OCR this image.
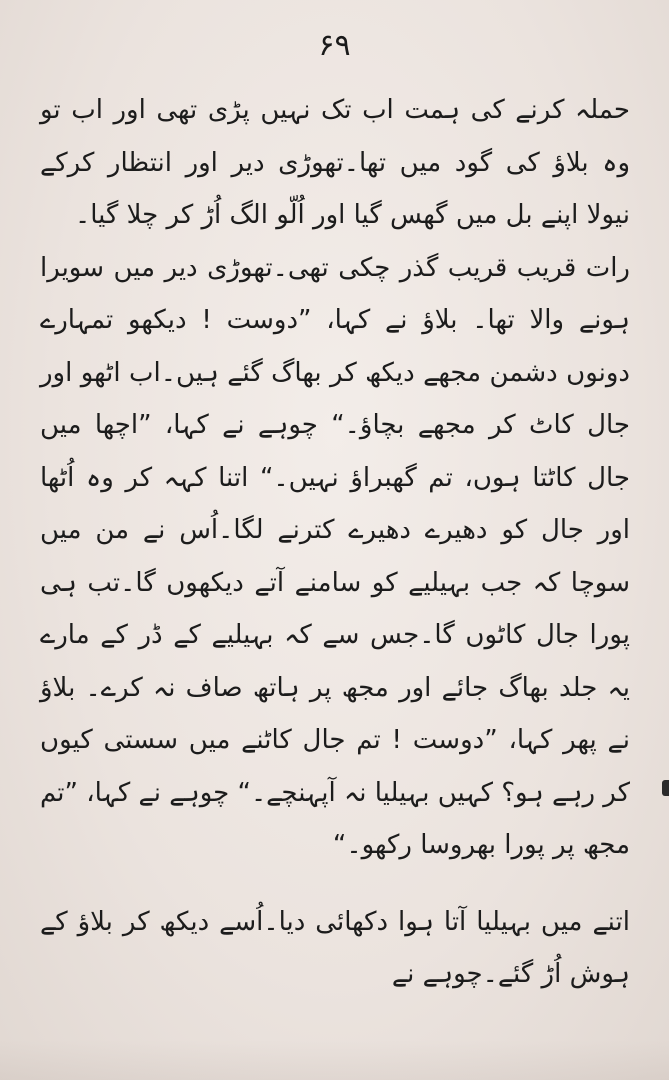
۶۹

حملہ کرنے کی ہمت اب تک نہیں پڑی تھی اور اب تو وہ بلاؤ کی گود میں تھا۔تھوڑی دیر اور انتظار کرکے نیولا اپنے بل میں گھس گیا اور اُلّو الگ اُڑ کر چلا گیا۔

رات قریب قریب گذر چکی تھی۔تھوڑی دیر میں سویرا ہونے والا تھا۔ بلاؤ نے کہا، ”دوست ! دیکھو تمہارے دونوں دشمن مجھے دیکھ کر بھاگ گئے ہیں۔اب اٹھو اور جال کاٹ کر مجھے بچاؤ۔“ چوہے نے کہا، ”اچھا میں جال کاٹتا ہوں، تم گھبراؤ نہیں۔“ اتنا کہہ کر وہ اُٹھا اور جال کو دھیرے دھیرے کترنے لگا۔اُس نے من میں سوچا کہ جب بہیلیے کو سامنے آتے دیکھوں گا۔تب ہی پورا جال کاٹوں گا۔جس سے کہ بہیلیے کے ڈر کے مارے یہ جلد بھاگ جائے اور مجھ پر ہاتھ صاف نہ کرے۔ بلاؤ نے پھر کہا، ”دوست ! تم جال کاٹنے میں سستی کیوں کر رہے ہو؟ کہیں بہیلیا نہ آپہنچے۔“ چوہے نے کہا، ”تم مجھ پر پورا بھروسا رکھو۔“

اتنے میں بہیلیا آتا ہوا دکھائی دیا۔اُسے دیکھ کر بلاؤ کے ہوش اُڑ گئے۔چوہے نے
